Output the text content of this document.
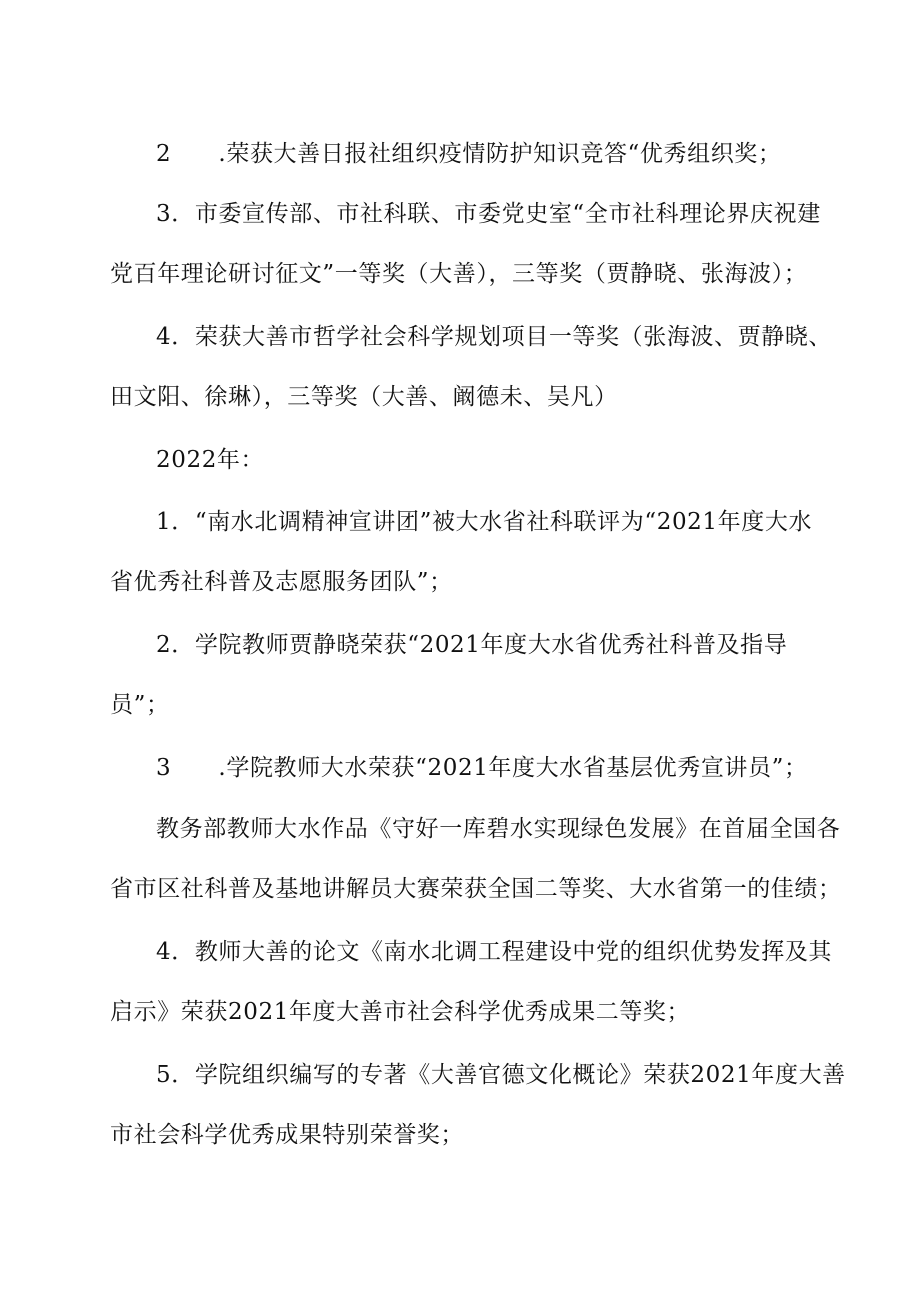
2　　.荣获大善日报社组织疫情防护知识竞答“优秀组织奖；

3．市委宣传部、市社科联、市委党史室“全市社科理论界庆祝建
党百年理论研讨征文”一等奖（大善），三等奖（贾静晓、张海波）；

4．荣获大善市哲学社会科学规划项目一等奖（张海波、贾静晓、
田文阳、徐琳），三等奖（大善、阚德未、吴凡）

2022年：

1．“南水北调精神宣讲团”被大水省社科联评为“2021年度大水
省优秀社科普及志愿服务团队”；

2．学院教师贾静晓荣获“2021年度大水省优秀社科普及指导
员”；

3　　.学院教师大水荣获“2021年度大水省基层优秀宣讲员”；

教务部教师大水作品《守好一库碧水实现绿色发展》在首届全国各
省市区社科普及基地讲解员大赛荣获全国二等奖、大水省第一的佳绩；

4．教师大善的论文《南水北调工程建设中党的组织优势发挥及其
启示》荣获2021年度大善市社会科学优秀成果二等奖；

5．学院组织编写的专著《大善官德文化概论》荣获2021年度大善
市社会科学优秀成果特别荣誉奖；
